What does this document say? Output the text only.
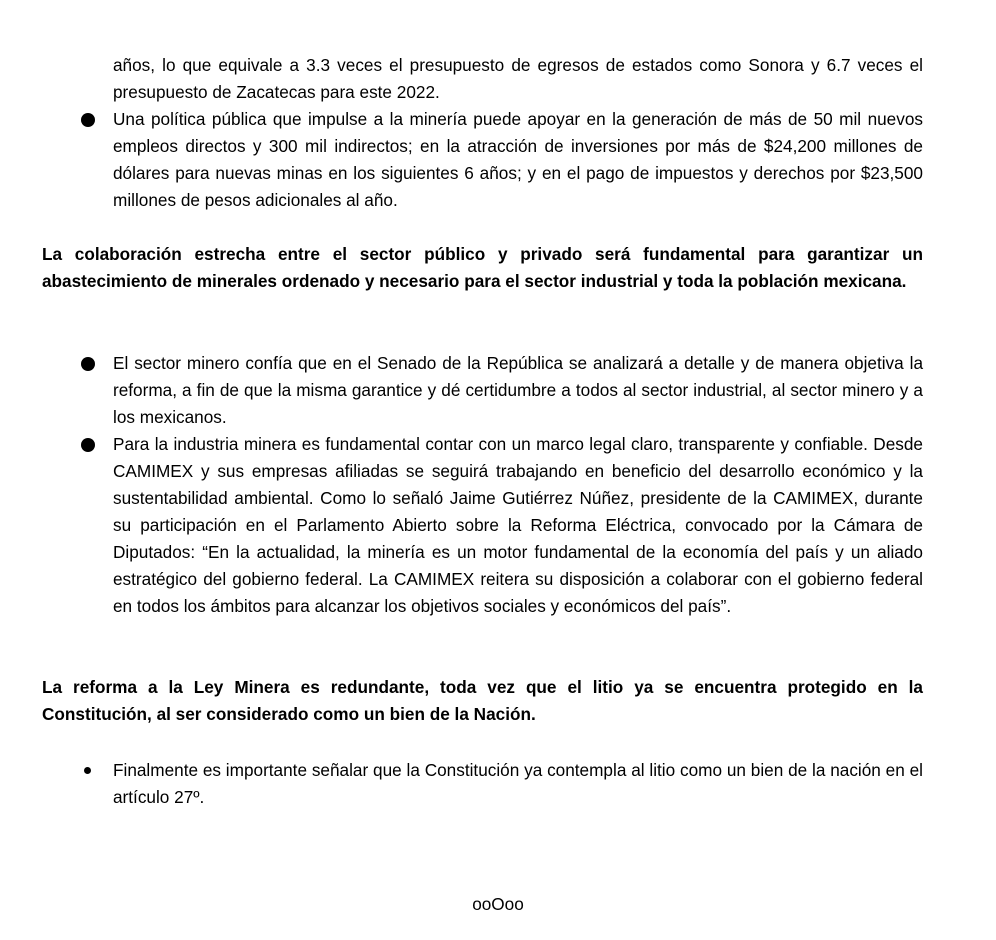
años, lo que equivale a 3.3 veces el presupuesto de egresos de estados como Sonora y 6.7 veces el presupuesto de Zacatecas para este 2022.

Una política pública que impulse a la minería puede apoyar en la generación de más de 50 mil nuevos empleos directos y 300 mil indirectos; en la atracción de inversiones por más de $24,200 millones de dólares para nuevas minas en los siguientes 6 años; y en el pago de impuestos y derechos por $23,500 millones de pesos adicionales al año.

La colaboración estrecha entre el sector público y privado será fundamental para garantizar un abastecimiento de minerales ordenado y necesario para el sector industrial y toda la población mexicana.

El sector minero confía que en el Senado de la República se analizará a detalle y de manera objetiva la reforma, a fin de que la misma garantice y dé certidumbre a todos al sector industrial, al sector minero y a los mexicanos.

Para la industria minera es fundamental contar con un marco legal claro, transparente y confiable. Desde CAMIMEX y sus empresas afiliadas se seguirá trabajando en beneficio del desarrollo económico y la sustentabilidad ambiental. Como lo señaló Jaime Gutiérrez Núñez, presidente de la CAMIMEX, durante su participación en el Parlamento Abierto sobre la Reforma Eléctrica, convocado por la Cámara de Diputados: “En la actualidad, la minería es un motor fundamental de la economía del país y un aliado estratégico del gobierno federal. La CAMIMEX reitera su disposición a colaborar con el gobierno federal en todos los ámbitos para alcanzar los objetivos sociales y económicos del país”.

La reforma a la Ley Minera es redundante, toda vez que el litio ya se encuentra protegido en la Constitución, al ser considerado como un bien de la Nación.

Finalmente es importante señalar que la Constitución ya contempla al litio como un bien de la nación en el artículo 27º.

ooOoo
